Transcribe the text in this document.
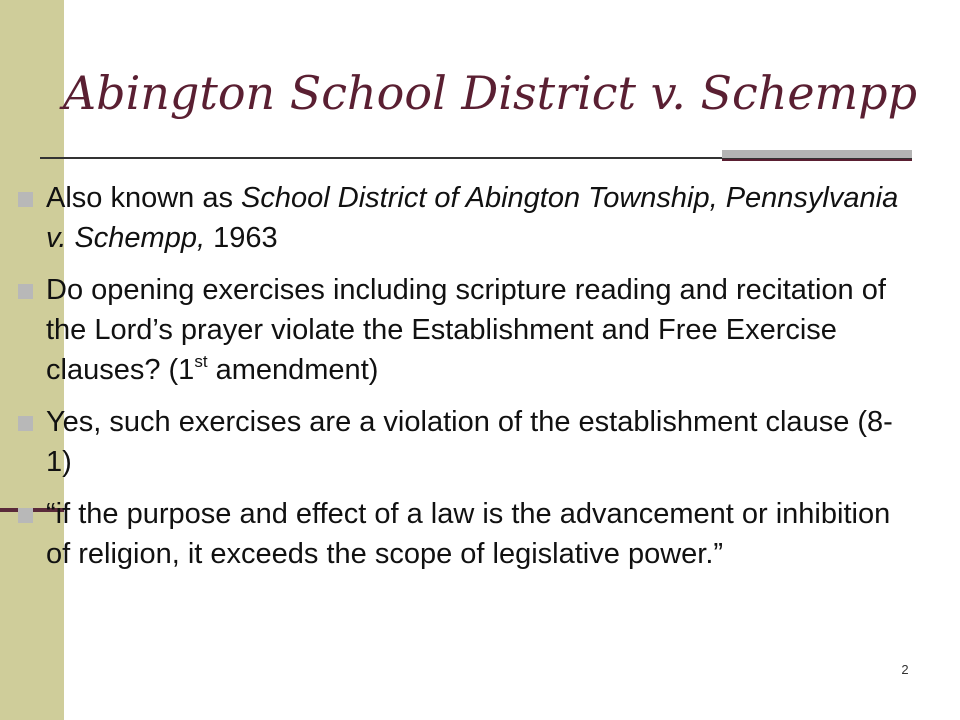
Abington School District v. Schempp
Also known as School District of Abington Township, Pennsylvania v. Schempp, 1963
Do opening exercises including scripture reading and recitation of the Lord’s prayer violate the Establishment and Free Exercise clauses? (1st amendment)
Yes, such exercises are a violation of the establishment clause (8-1)
“if the purpose and effect of a law is the advancement or inhibition of religion, it exceeds the scope of legislative power.”
2
